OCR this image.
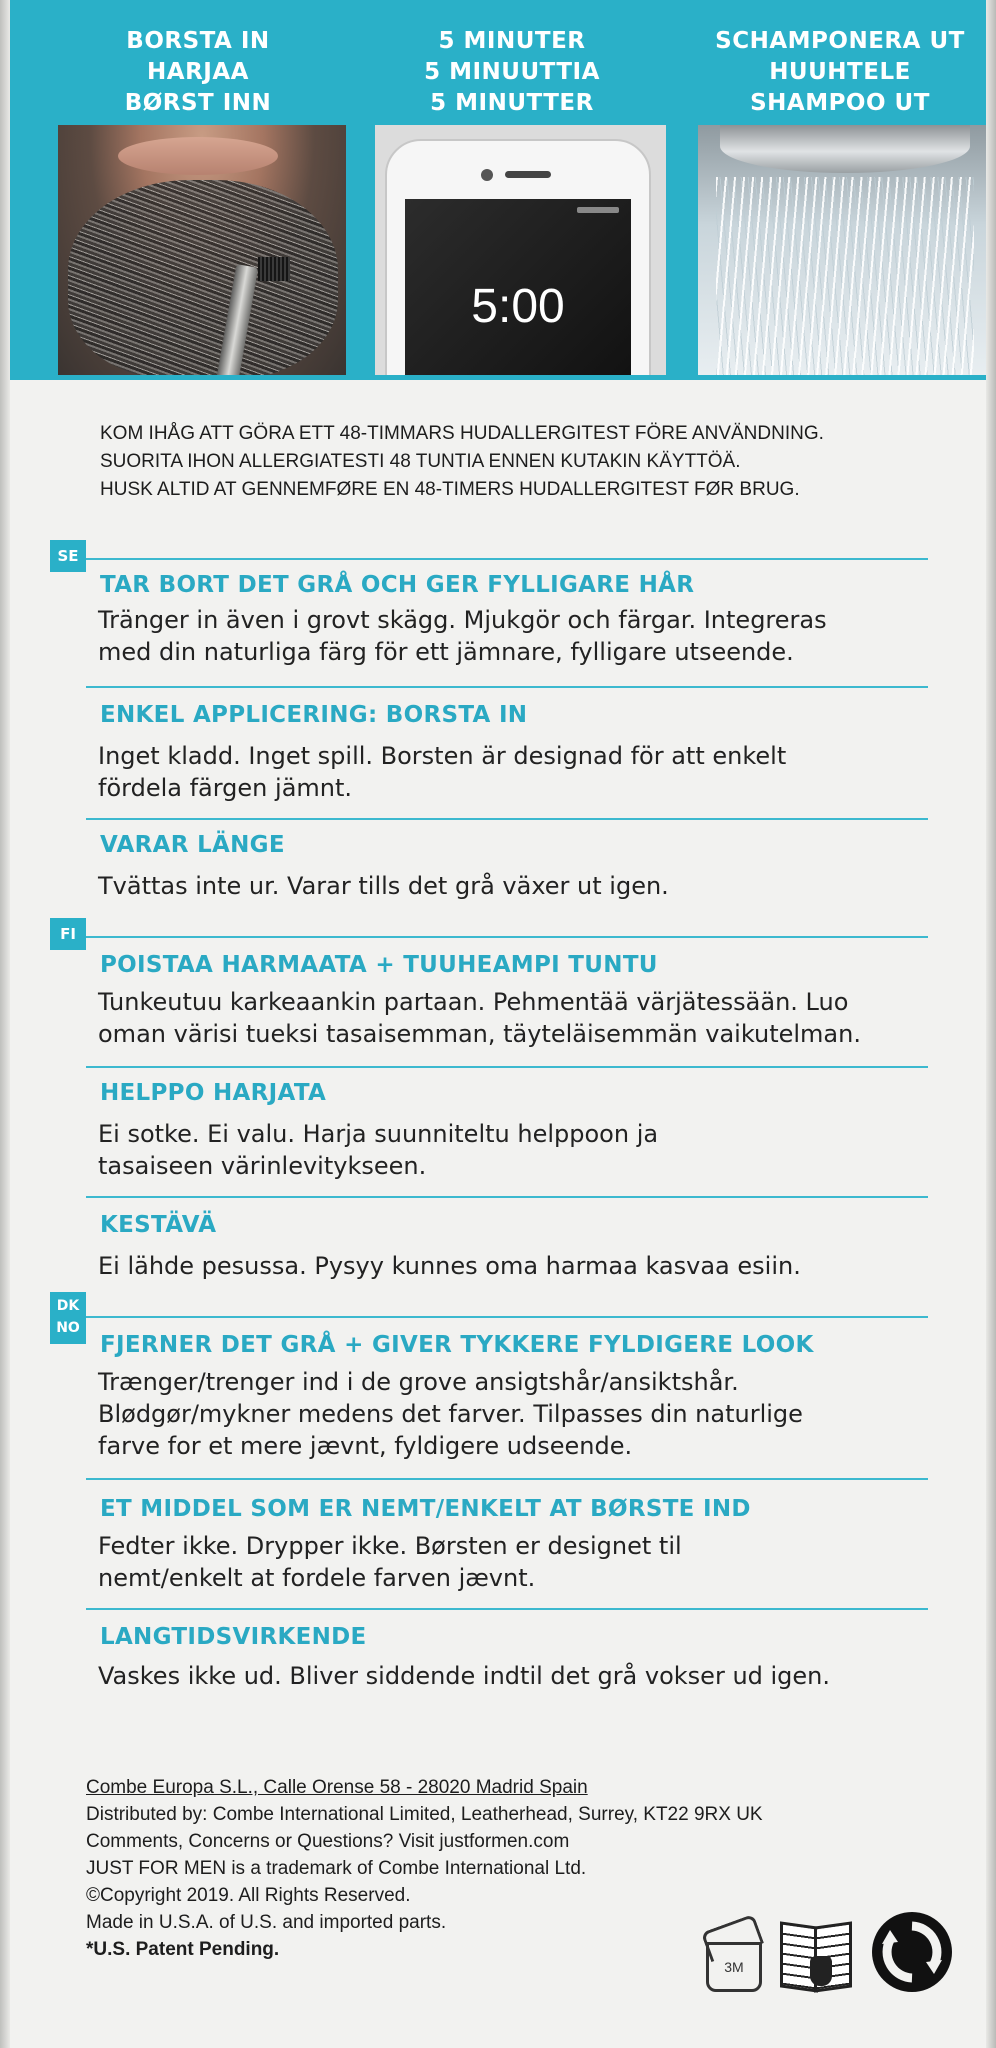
BORSTA IN
HARJAA
BØRST INN
5 MINUTER
5 MINUUTTIA
5 MINUTTER
SCHAMPONERA UT
HUUHTELE
SHAMPOO UT
5:00
KOM IHÅG ATT GÖRA ETT 48-TIMMARS HUDALLERGITEST FÖRE ANVÄNDNING.
SUORITA IHON ALLERGIATESTI 48 TUNTIA ENNEN KUTAKIN KÄYTTÖÄ.
HUSK ALTID AT GENNEMFØRE EN 48-TIMERS HUDALLERGITEST FØR BRUG.
SE
TAR BORT DET GRÅ OCH GER FYLLIGARE HÅR
Tränger in även i grovt skägg. Mjukgör och färgar. Integreras
med din naturliga färg för ett jämnare, fylligare utseende.
ENKEL APPLICERING: BORSTA IN
Inget kladd. Inget spill. Borsten är designad för att enkelt
fördela färgen jämnt.
VARAR LÄNGE
Tvättas inte ur. Varar tills det grå växer ut igen.
FI
POISTAA HARMAATA + TUUHEAMPI TUNTU
Tunkeutuu karkeaankin partaan. Pehmentää värjätessään. Luo
oman värisi tueksi tasaisemman, täyteläisemmän vaikutelman.
HELPPO HARJATA
Ei sotke. Ei valu. Harja suunniteltu helppoon ja
tasaiseen värinlevitykseen.
KESTÄVÄ
Ei lähde pesussa. Pysyy kunnes oma harmaa kasvaa esiin.
DK
NO
FJERNER DET GRÅ + GIVER TYKKERE FYLDIGERE LOOK
Trænger/trenger ind i de grove ansigtshår/ansiktshår.
Blødgør/mykner medens det farver. Tilpasses din naturlige
farve for et mere jævnt, fyldigere udseende.
ET MIDDEL SOM ER NEMT/ENKELT AT BØRSTE IND
Fedter ikke. Drypper ikke. Børsten er designet til
nemt/enkelt at fordele farven jævnt.
LANGTIDSVIRKENDE
Vaskes ikke ud. Bliver siddende indtil det grå vokser ud igen.
Combe Europa S.L., Calle Orense 58 - 28020 Madrid Spain
Distributed by: Combe International Limited, Leatherhead, Surrey, KT22 9RX UK
Comments, Concerns or Questions? Visit justformen.com
JUST FOR MEN is a trademark of Combe International Ltd.
©Copyright 2019. All Rights Reserved.
Made in U.S.A. of U.S. and imported parts.
*U.S. Patent Pending.
3M
